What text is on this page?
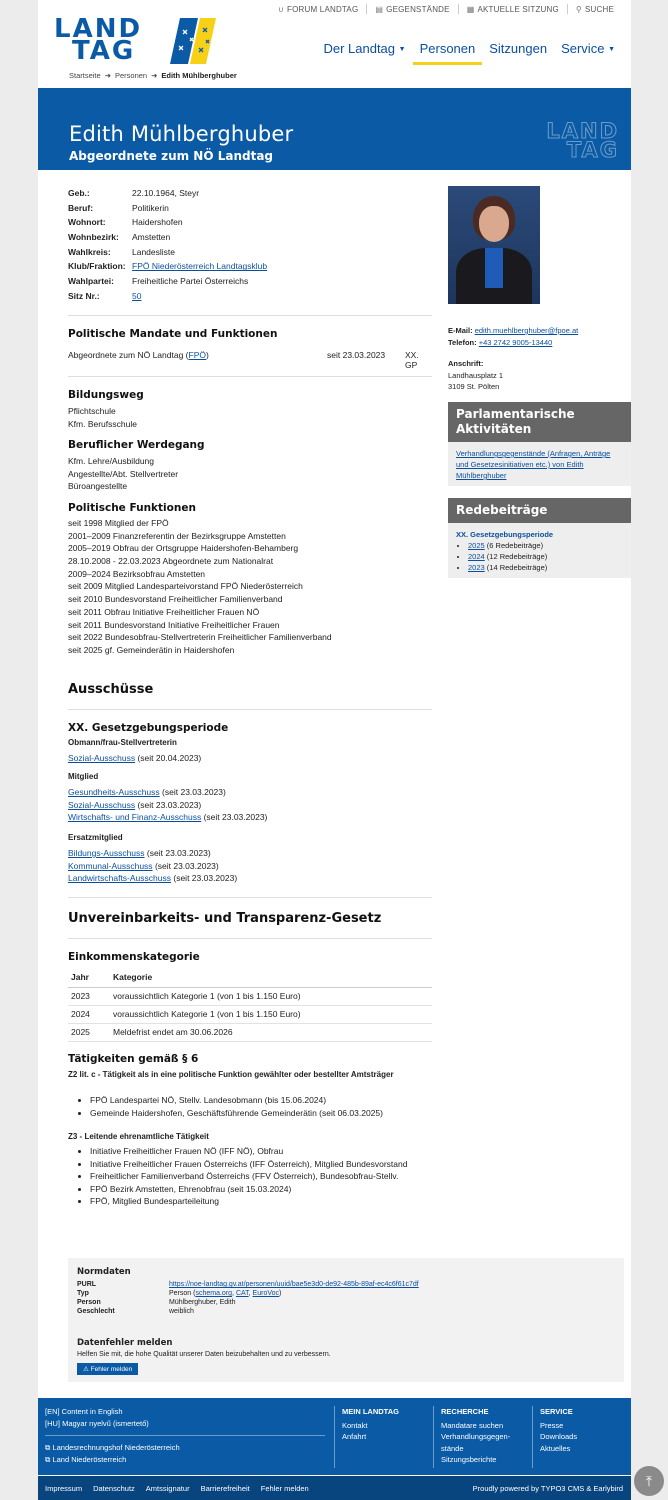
∪ FORUM LANDTAG ▤ GEGENSTÄNDE ▦ AKTUELLE SITZUNG ⚲ SUCHE
LAND
TAG
Startseite ➜ Personen ➜ Edith Mühlberghuber
Der Landtag ▼	Personen	Sitzungen	Service ▼
Edith Mühlberghuber
Abgeordnete zum NÖ Landtag
LAND
TAG
Geb.:	22.10.1964, Steyr
Beruf:	Politikerin
Wohnort:	Haidershofen
Wohnbezirk:	Amstetten
Wahlkreis:	Landesliste
Klub/Fraktion: FPÖ Niederösterreich Landtagsklub
Wahlpartei:	Freiheitliche Partei Österreichs
Sitz Nr.:	50
Politische Mandate und Funktionen
Abgeordnete zum NÖ Landtag (FPÖ)	seit 23.03.2023 XX. GP
Bildungsweg
Pflichtschule
Kfm. Berufsschule
Beruflicher Werdegang
Kfm. Lehre/Ausbildung
Angestellte/Abt. Stellvertreter
Büroangestellte
Politische Funktionen
seit 1998 Mitglied der FPÖ
2001–2009 Finanzreferentin der Bezirksgruppe Amstetten
2005–2019 Obfrau der Ortsgruppe Haidershofen-Behamberg
28.10.2008 - 22.03.2023 Abgeordnete zum Nationalrat
2009–2024 Bezirksobfrau Amstetten
seit 2009 Mitglied Landesparteivorstand FPÖ Niederösterreich
seit 2010 Bundesvorstand Freiheitlicher Familienverband
seit 2011 Obfrau Initiative Freiheitlicher Frauen NÖ
seit 2011 Bundesvorstand Initiative Freiheitlicher Frauen
seit 2022 Bundesobfrau-Stellvertreterin Freiheitlicher Familienverband
seit 2025 gf. Gemeinderätin in Haidershofen
E-Mail: edith.muehlberghuber@fpoe.at
Telefon: +43 2742 9005-13440
Anschrift:
Landhausplatz 1
3109 St. Pölten
Parlamentarische Aktivitäten
Verhandlungsgegenstände (Anfragen, Anträge und Gesetzesinitiativen etc.) von Edith Mühlberghuber
Redebeiträge
XX. Gesetzgebungsperiode
• 2025 (6 Redebeiträge)
• 2024 (12 Redebeiträge)
• 2023 (14 Redebeiträge)
Ausschüsse
XX. Gesetzgebungsperiode
Obmann/frau-Stellvertreterin
Sozial-Ausschuss (seit 20.04.2023)
Mitglied
Gesundheits-Ausschuss (seit 23.03.2023)
Sozial-Ausschuss (seit 23.03.2023)
Wirtschafts- und Finanz-Ausschuss (seit 23.03.2023)
Ersatzmitglied
Bildungs-Ausschuss (seit 23.03.2023)
Kommunal-Ausschuss (seit 23.03.2023)
Landwirtschafts-Ausschuss (seit 23.03.2023)
Unvereinbarkeits- und Transparenz-Gesetz
Einkommenskategorie
Jahr	Kategorie
2023	voraussichtlich Kategorie 1 (von 1 bis 1.150 Euro)
2024	voraussichtlich Kategorie 1 (von 1 bis 1.150 Euro)
2025	Meldefrist endet am 30.06.2026
Tätigkeiten gemäß § 6
Z2 lit. c - Tätigkeit als in eine politische Funktion gewählter oder bestellter Amtsträger
• FPÖ Landespartei NÖ, Stellv. Landesobmann (bis 15.06.2024)
• Gemeinde Haidershofen, Geschäftsführende Gemeinderätin (seit 06.03.2025)
Z3 - Leitende ehrenamtliche Tätigkeit
• Initiative Freiheitlicher Frauen NÖ (IFF NÖ), Obfrau
• Initiative Freiheitlicher Frauen Österreichs (IFF Österreich), Mitglied Bundesvorstand
• Freiheitlicher Familienverband Österreichs (FFV Österreich), Bundesobfrau-Stellv.
• FPÖ Bezirk Amstetten, Ehrenobfrau (seit 15.03.2024)
• FPÖ, Mitglied Bundesparteileitung
Normdaten
PURL	https://noe-landtag.gv.at/personen/uuid/bae5e3d0-de92-485b-89af-ec4c6f61c7df
Typ	Person (schema.org, CAT, EuroVoc)
Person	Mühlberghuber, Edith
Geschlecht	weiblich
Datenfehler melden
Helfen Sie mit, die hohe Qualität unserer Daten beizubehalten und zu verbessern.
⚠ Fehler melden
[EN] Content in English
[HU] Magyar nyelvű (ismertető)
⧉ Landesrechnungshof Niederösterreich
⧉ Land Niederösterreich
MEIN LANDTAG
Kontakt
Anfahrt
RECHERCHE
Mandatare suchen
Verhandlungsgegen-stände
Sitzungsberichte
SERVICE
Presse
Downloads
Aktuelles
Impressum Datenschutz Amtssignatur Barrierefreiheit Fehler melden	Proudly powered by TYPO3 CMS & Earlybird	⤒
